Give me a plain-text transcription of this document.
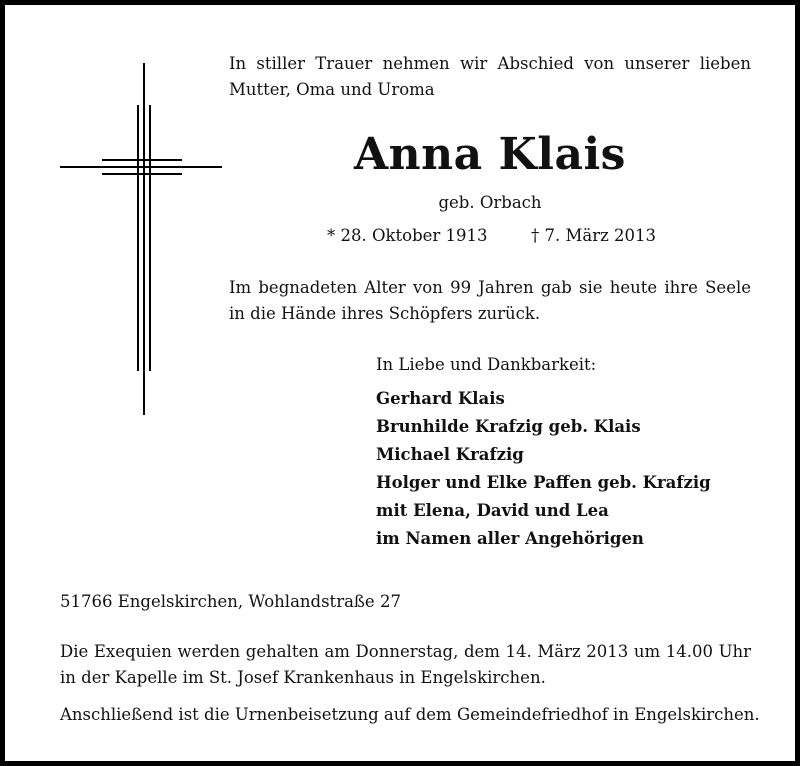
In stiller Trauer nehmen wir Abschied von unserer lieben Mutter, Oma und Uroma
Anna Klais
geb. Orbach
* 28. Oktober 1913	† 7. März 2013
Im begnadeten Alter von 99 Jahren gab sie heute ihre Seele in die Hände ihres Schöpfers zurück.
In Liebe und Dankbarkeit:
Gerhard Klais
Brunhilde Krafzig geb. Klais
Michael Krafzig
Holger und Elke Paffen geb. Krafzig
mit Elena, David und Lea
im Namen aller Angehörigen
51766 Engelskirchen, Wohlandstraße 27
Die Exequien werden gehalten am Donnerstag, dem 14. März 2013 um 14.00 Uhr in der Kapelle im St. Josef Krankenhaus in Engelskirchen.
Anschließend ist die Urnenbeisetzung auf dem Gemeindefriedhof in Engelskirchen.
